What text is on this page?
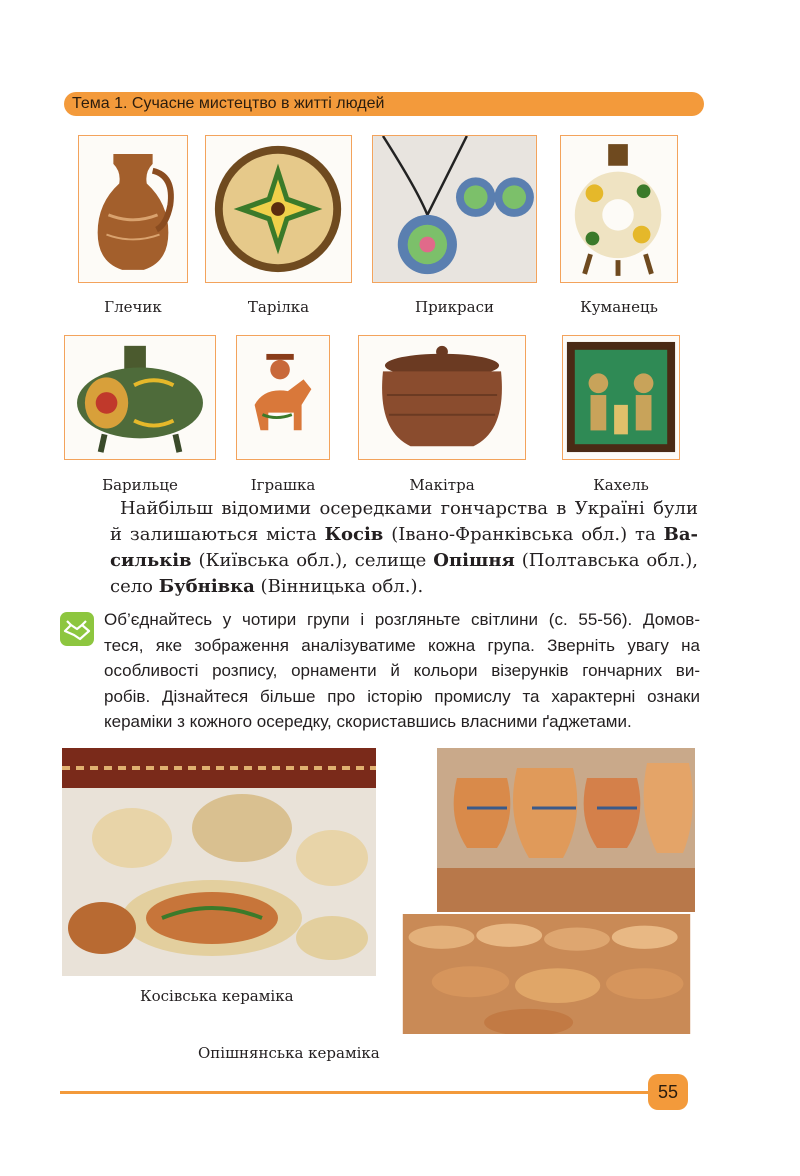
Тема 1. Сучасне мистецтво в житті людей
Глечик	Тарілка	Прикраси	Куманець
Барильце	Іграшка	Макітра	Кахель
Найбільш відомими осередками гончарства в Україні були
й залишаються міста Косів (Івано-Франківська обл.) та Ва-
сильків (Київська обл.), селище Опішня (Полтавська обл.),
село Бубнівка (Вінницька обл.).
Об’єднайтесь у чотири групи і розгляньте світлини (с. 55-56). Домов-
теся, яке зображення аналізуватиме кожна група. Зверніть увагу на
особливості розпису, орнаменти й кольори візерунків гончарних ви-
робів. Дізнайтеся більше про історію промислу та характерні ознаки
кераміки з кожного осередку, скориставшись власними ґаджетами.
Косівська кераміка
Опішнянська кераміка
55
